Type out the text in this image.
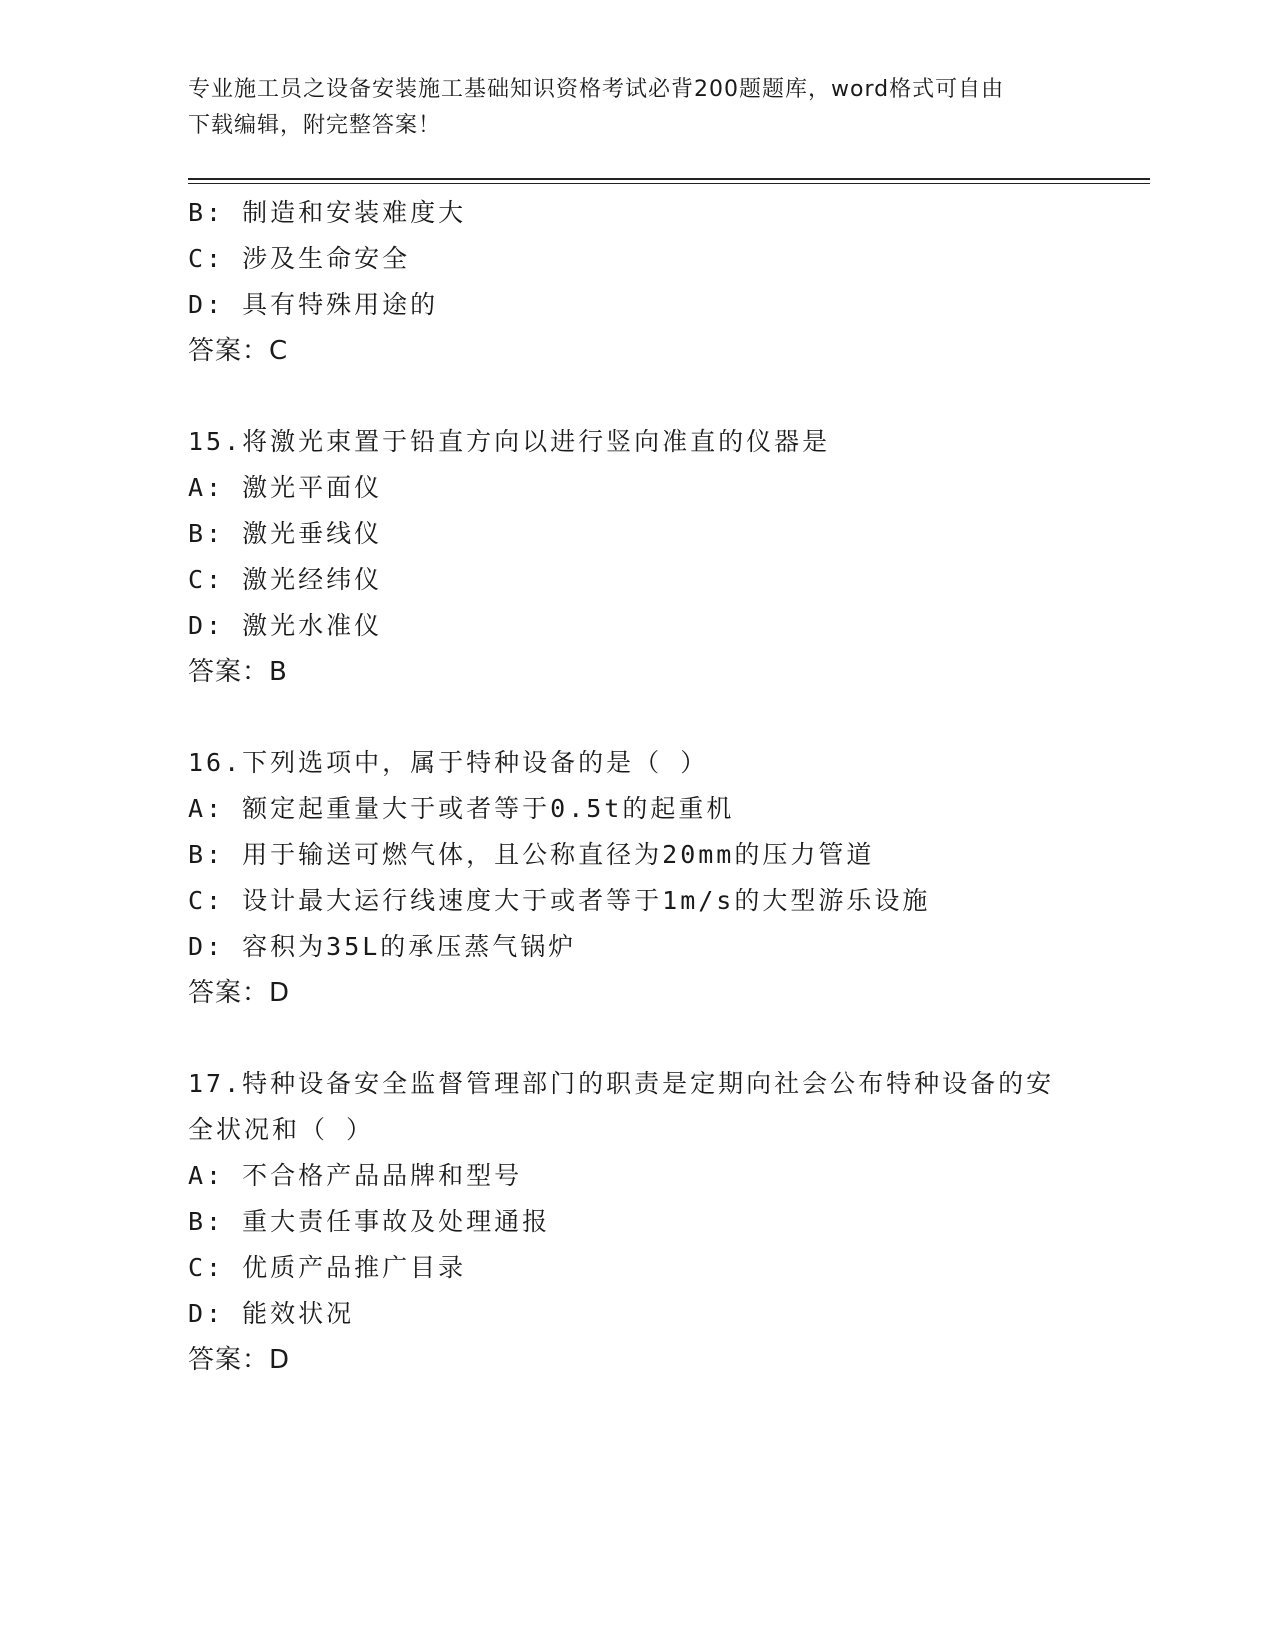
专业施工员之设备安装施工基础知识资格考试必背200题题库，word格式可自由
下载编辑，附完整答案！
B: 制造和安装难度大
C: 涉及生命安全
D: 具有特殊用途的
答案：C
15.将激光束置于铅直方向以进行竖向准直的仪器是
A: 激光平面仪
B: 激光垂线仪
C: 激光经纬仪
D: 激光水准仪
答案：B
16.下列选项中，属于特种设备的是（ ）
A: 额定起重量大于或者等于0.5t的起重机
B: 用于输送可燃气体，且公称直径为20mm的压力管道
C: 设计最大运行线速度大于或者等于1m/s的大型游乐设施
D: 容积为35L的承压蒸气锅炉
答案：D
17.特种设备安全监督管理部门的职责是定期向社会公布特种设备的安
全状况和（ ）
A: 不合格产品品牌和型号
B: 重大责任事故及处理通报
C: 优质产品推广目录
D: 能效状况
答案：D
